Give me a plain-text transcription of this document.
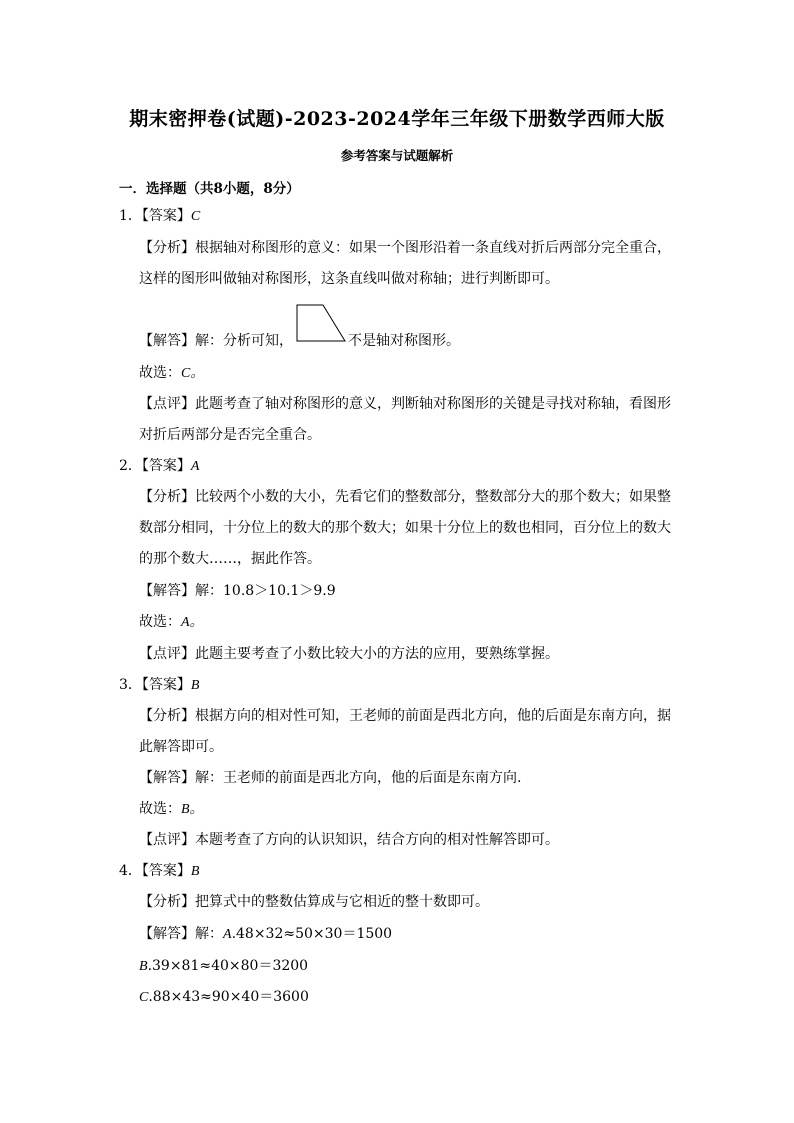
期末密押卷(试题)-2023-2024学年三年级下册数学西师大版
参考答案与试题解析
一．选择题（共8小题，8分）
1．【答案】C
【分析】根据轴对称图形的意义：如果一个图形沿着一条直线对折后两部分完全重合，
这样的图形叫做轴对称图形，这条直线叫做对称轴；进行判断即可。
【解答】解：分析可知，	不是轴对称图形。
故选：C。
【点评】此题考查了轴对称图形的意义，判断轴对称图形的关键是寻找对称轴，看图形
对折后两部分是否完全重合。
2．【答案】A
【分析】比较两个小数的大小，先看它们的整数部分，整数部分大的那个数大；如果整
数部分相同，十分位上的数大的那个数大；如果十分位上的数也相同，百分位上的数大
的那个数大……，据此作答。
【解答】解：10.8＞10.1＞9.9
故选：A。
【点评】此题主要考查了小数比较大小的方法的应用，要熟练掌握。
3．【答案】B
【分析】根据方向的相对性可知，王老师的前面是西北方向，他的后面是东南方向，据
此解答即可。
【解答】解：王老师的前面是西北方向，他的后面是东南方向.
故选：B。
【点评】本题考查了方向的认识知识，结合方向的相对性解答即可。
4．【答案】B
【分析】把算式中的整数估算成与它相近的整十数即可。
【解答】解：A.48×32≈50×30＝1500
B.39×81≈40×80＝3200
C.88×43≈90×40＝3600
